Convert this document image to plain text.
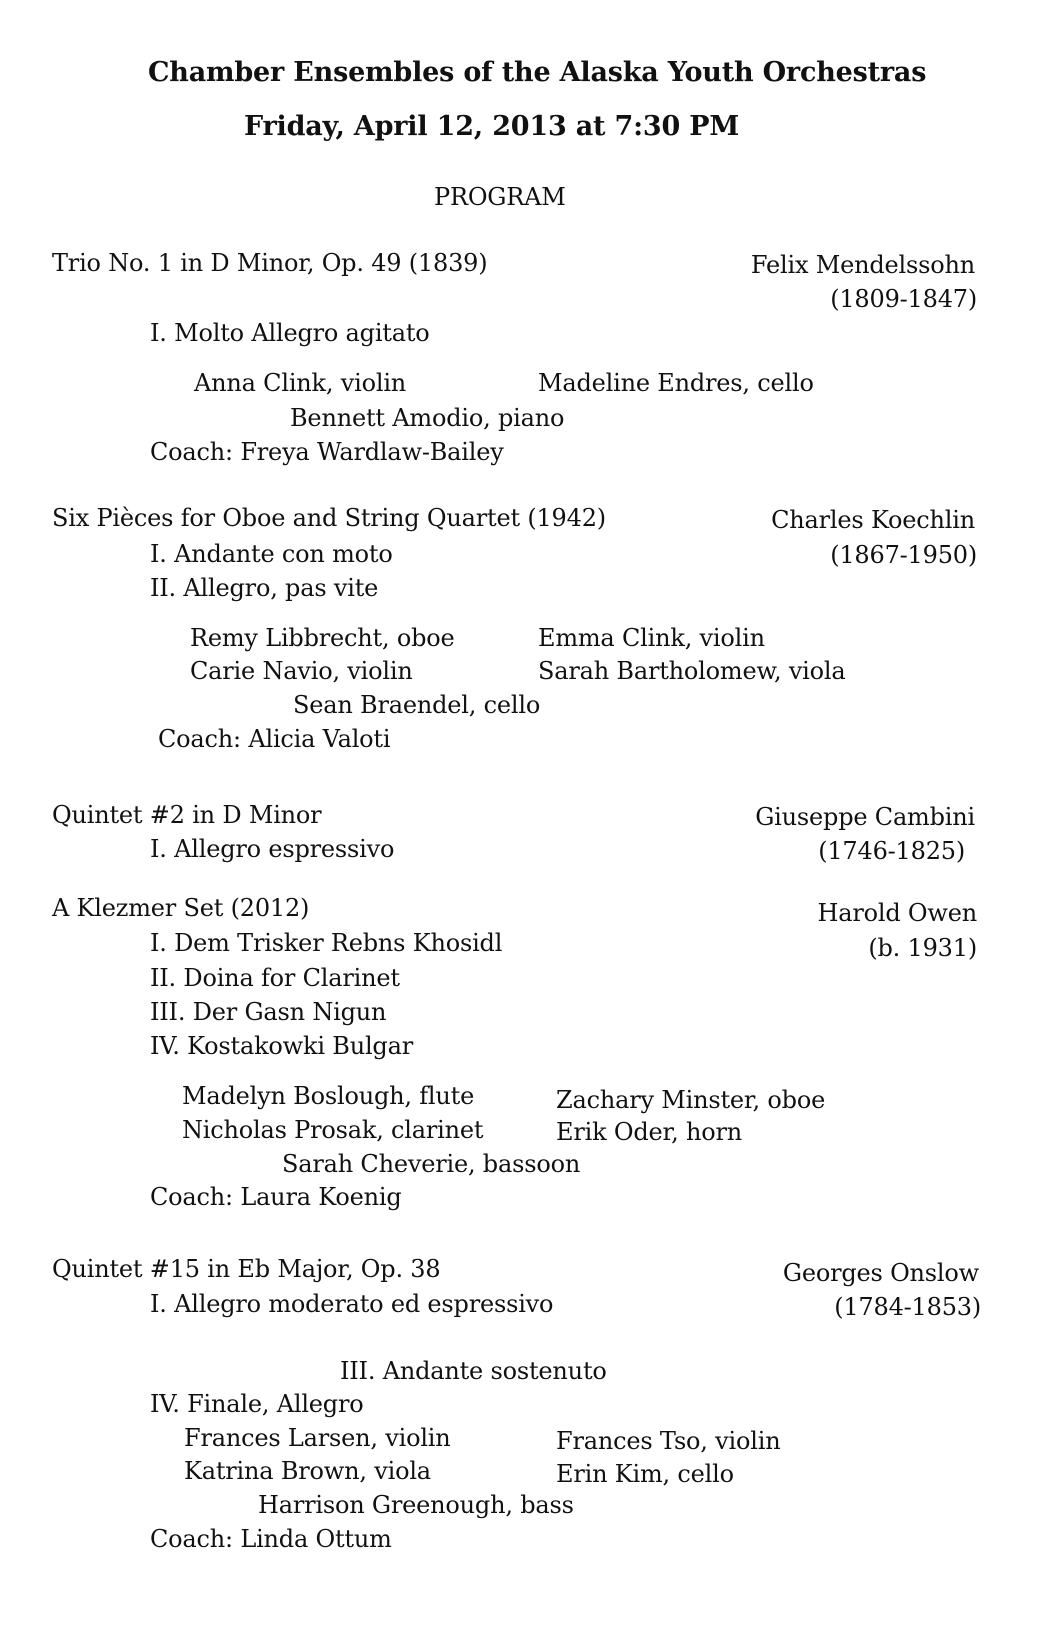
Chamber Ensembles of the Alaska Youth Orchestras
Friday, April 12, 2013 at 7:30 PM
PROGRAM
Trio No. 1 in D Minor, Op. 49 (1839)	Felix Mendelssohn
(1809-1847)
I. Molto Allegro agitato
Anna Clink, violin	Madeline Endres, cello
Bennett Amodio, piano
Coach: Freya Wardlaw-Bailey
Six Pièces for Oboe and String Quartet (1942)	Charles Koechlin
(1867-1950)
I. Andante con moto
II. Allegro, pas vite
Remy Libbrecht, oboe	Emma Clink, violin
Carie Navio, violin	Sarah Bartholomew, viola
Sean Braendel, cello
Coach: Alicia Valoti
Quintet #2 in D Minor	Giuseppe Cambini
(1746-1825)
I. Allegro espressivo
A Klezmer Set (2012)	Harold Owen
(b. 1931)
I. Dem Trisker Rebns Khosidl
II. Doina for Clarinet
III. Der Gasn Nigun
IV. Kostakowki Bulgar
Madelyn Boslough, flute	Zachary Minster, oboe
Nicholas Prosak, clarinet	Erik Oder, horn
Sarah Cheverie, bassoon
Coach: Laura Koenig
Quintet #15 in Eb Major, Op. 38	Georges Onslow
(1784-1853)
I. Allegro moderato ed espressivo
III. Andante sostenuto
IV. Finale, Allegro
Frances Larsen, violin	Frances Tso, violin
Katrina Brown, viola	Erin Kim, cello
Harrison Greenough, bass
Coach: Linda Ottum
